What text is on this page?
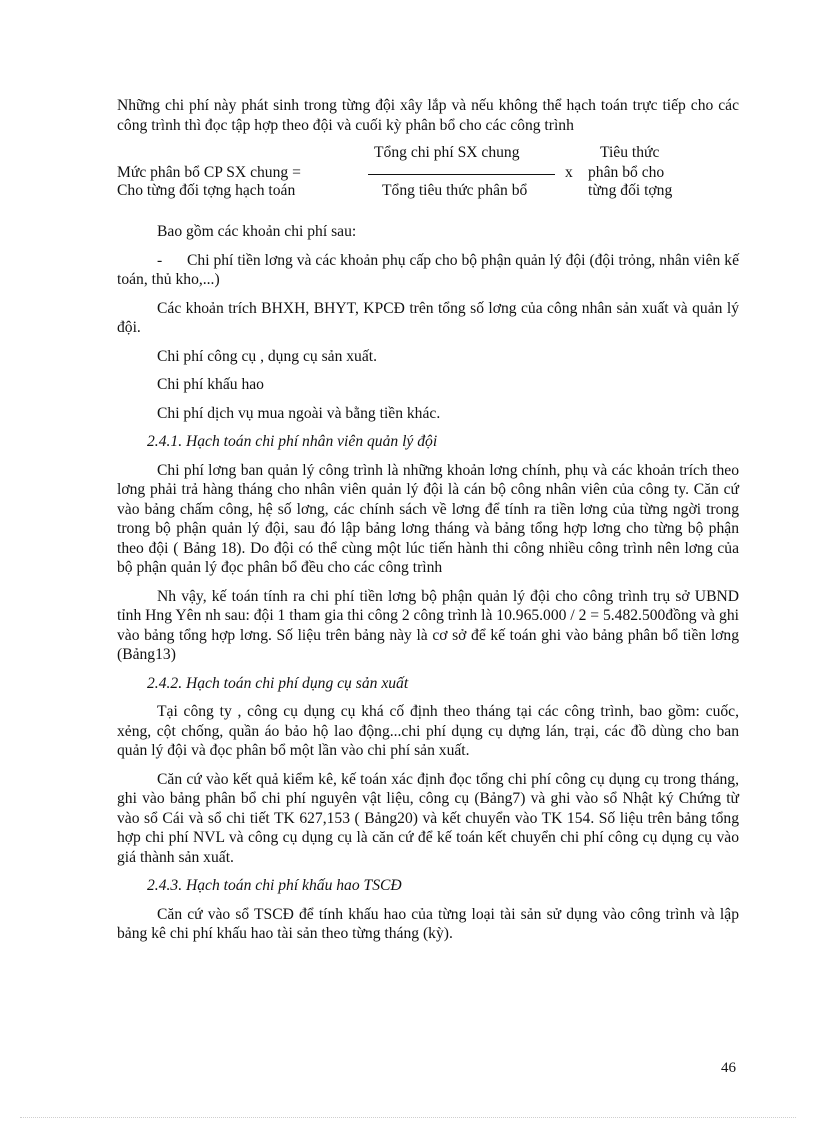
Những chi phí này phát sinh trong từng đội xây lắp và nếu không thể hạch toán trực tiếp cho các công trình thì đọc tập hợp theo đội và cuối kỳ phân bổ cho các công trình

Tổng chi phí SX chung	Tiêu thức
Mức phân bổ CP SX chung =	x phân bổ cho
Cho từng đối tợng hạch toán	Tổng tiêu thức phân bổ	từng đối tợng

Bao gồm các khoản chi phí sau:

- Chi phí tiền lơng và các khoản phụ cấp cho bộ phận quản lý đội (đội trỏng, nhân viên kế toán, thủ kho,...)

Các khoản trích BHXH, BHYT, KPCĐ trên tổng số lơng của công nhân sản xuất và quản lý đội.

Chi phí công cụ , dụng cụ sản xuất.

Chi phí khấu hao

Chi phí dịch vụ mua ngoài và bằng tiền khác.

2.4.1. Hạch toán chi phí nhân viên quản lý đội

Chi phí lơng ban quản lý công trình là những khoản lơng chính, phụ và các khoản trích theo lơng phải trả hàng tháng cho nhân viên quản lý đội là cán bộ công nhân viên của công ty. Căn cứ vào bảng chấm công, hệ số lơng, các chính sách về lơng để tính ra tiền lơng của từng ngời trong trong bộ phận quản lý đội, sau đó lập bảng lơng tháng và bảng tổng hợp lơng cho từng bộ phận theo đội ( Bảng 18). Do đội có thể cùng một lúc tiến hành thi công nhiều công trình nên lơng của bộ phận quản lý đọc phân bổ đều cho các công trình

Nh vậy, kế toán tính ra chi phí tiền lơng bộ phận quản lý đội cho công trình trụ sở UBND tỉnh Hng Yên nh sau: đội 1 tham gia thi công 2 công trình là 10.965.000 / 2 = 5.482.500đồng và ghi vào bảng tổng hợp lơng. Số liệu trên bảng này là cơ sở để kế toán ghi vào bảng phân bổ tiền lơng (Bảng13)

2.4.2. Hạch toán chi phí dụng cụ sản xuất

Tại công ty , công cụ dụng cụ khá cố định theo tháng tại các công trình, bao gồm: cuốc, xẻng, cột chống, quần áo bảo hộ lao động...chi phí dụng cụ dựng lán, trại, các đồ dùng cho ban quản lý đội và đọc phân bổ một lần vào chi phí sản xuất.

Căn cứ vào kết quả kiểm kê, kế toán xác định đọc tổng chi phí công cụ dụng cụ trong tháng, ghi vào bảng phân bổ chi phí nguyên vật liệu, công cụ (Bảng7) và ghi vào sổ Nhật ký Chứng từ vào sổ Cái và sổ chi tiết TK 627,153 ( Bảng20) và kết chuyển vào TK 154. Số liệu trên bảng tổng hợp chi phí NVL và công cụ dụng cụ là căn cứ để kế toán kết chuyển chi phí công cụ dụng cụ vào giá thành sản xuất.

2.4.3. Hạch toán chi phí khấu hao TSCĐ

Căn cứ vào sổ TSCĐ để tính khấu hao của từng loại tài sản sử dụng vào công trình và lập bảng kê chi phí khấu hao tài sản theo từng tháng (kỳ).

46
